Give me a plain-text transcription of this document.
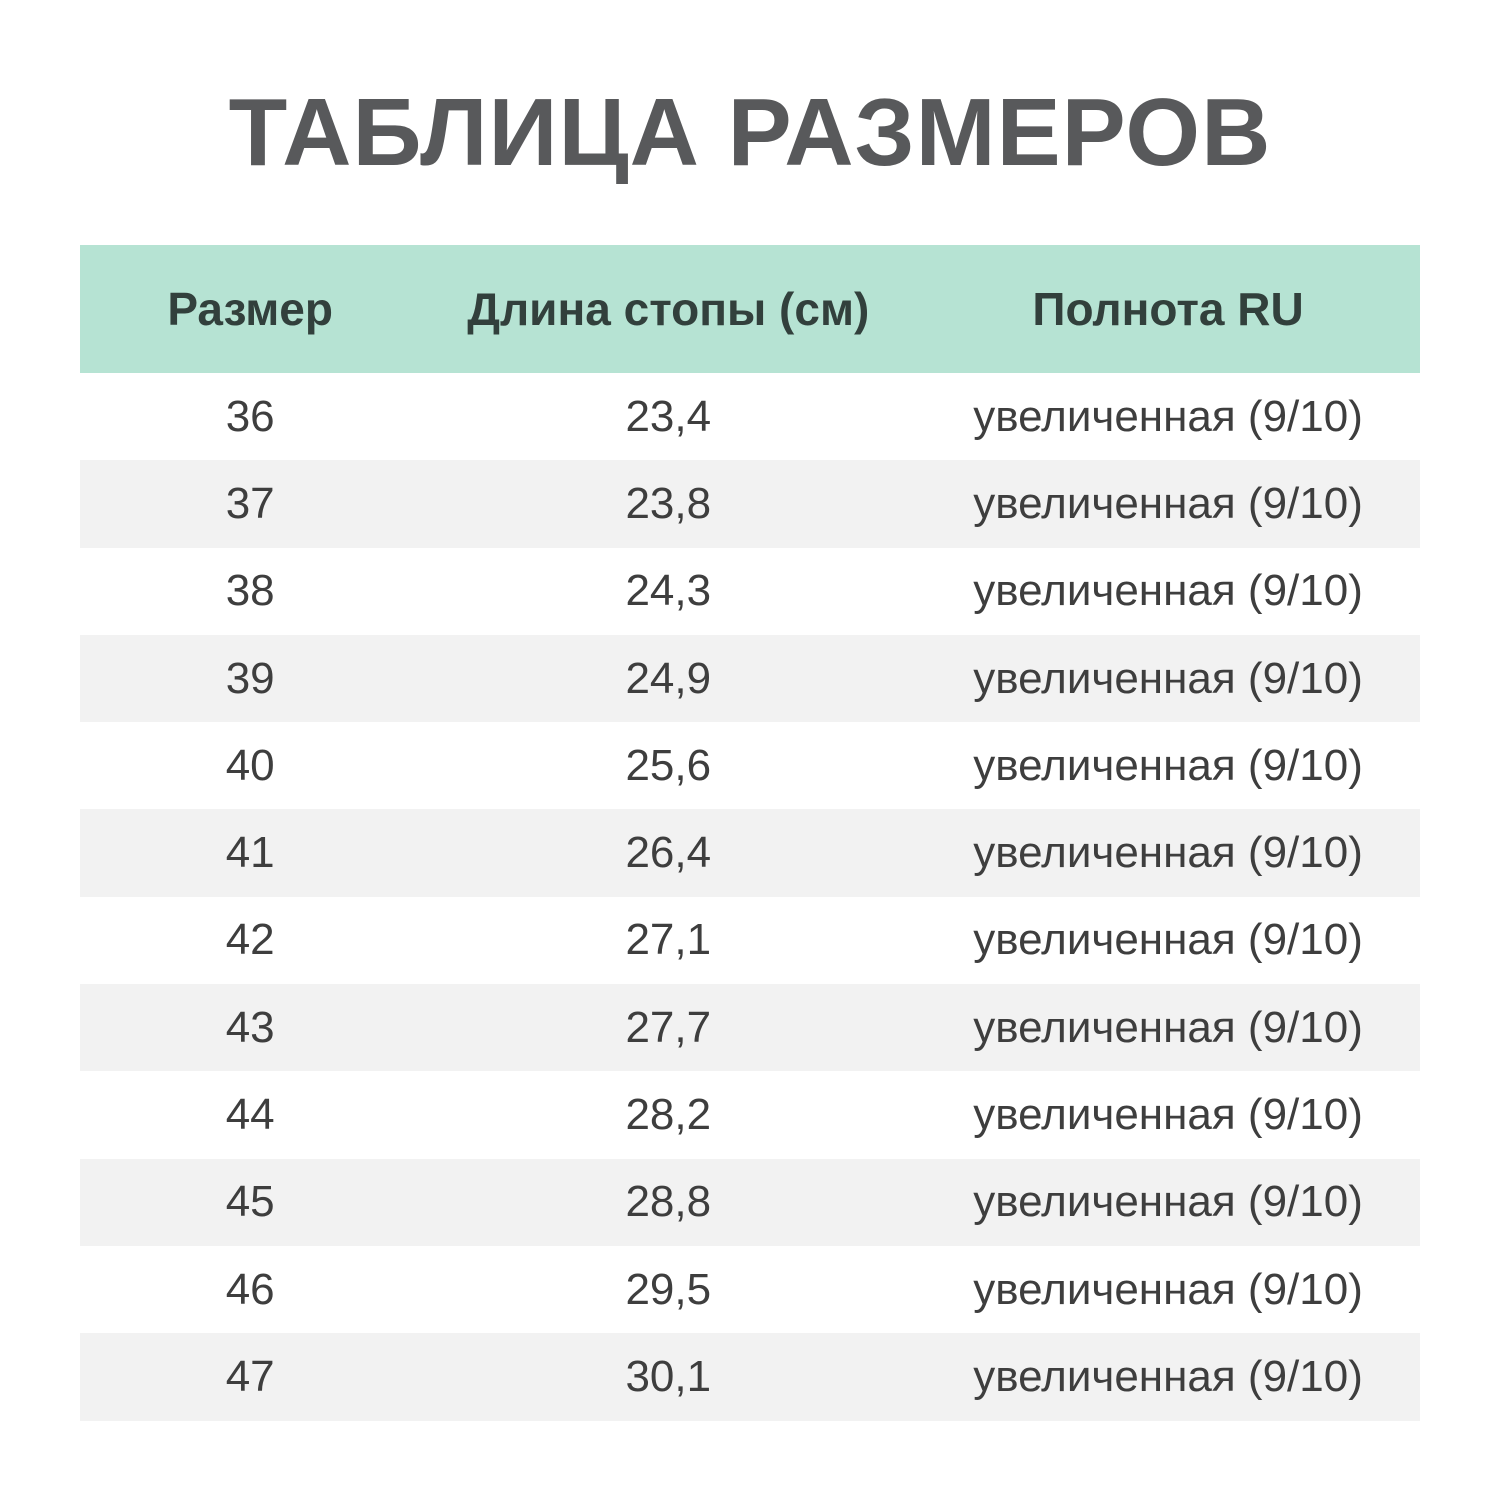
ТАБЛИЦА РАЗМЕРОВ
Размер	Длина стопы (см)	Полнота RU
36	23,4	увеличенная (9/10)
37	23,8	увеличенная (9/10)
38	24,3	увеличенная (9/10)
39	24,9	увеличенная (9/10)
40	25,6	увеличенная (9/10)
41	26,4	увеличенная (9/10)
42	27,1	увеличенная (9/10)
43	27,7	увеличенная (9/10)
44	28,2	увеличенная (9/10)
45	28,8	увеличенная (9/10)
46	29,5	увеличенная (9/10)
47	30,1	увеличенная (9/10)
